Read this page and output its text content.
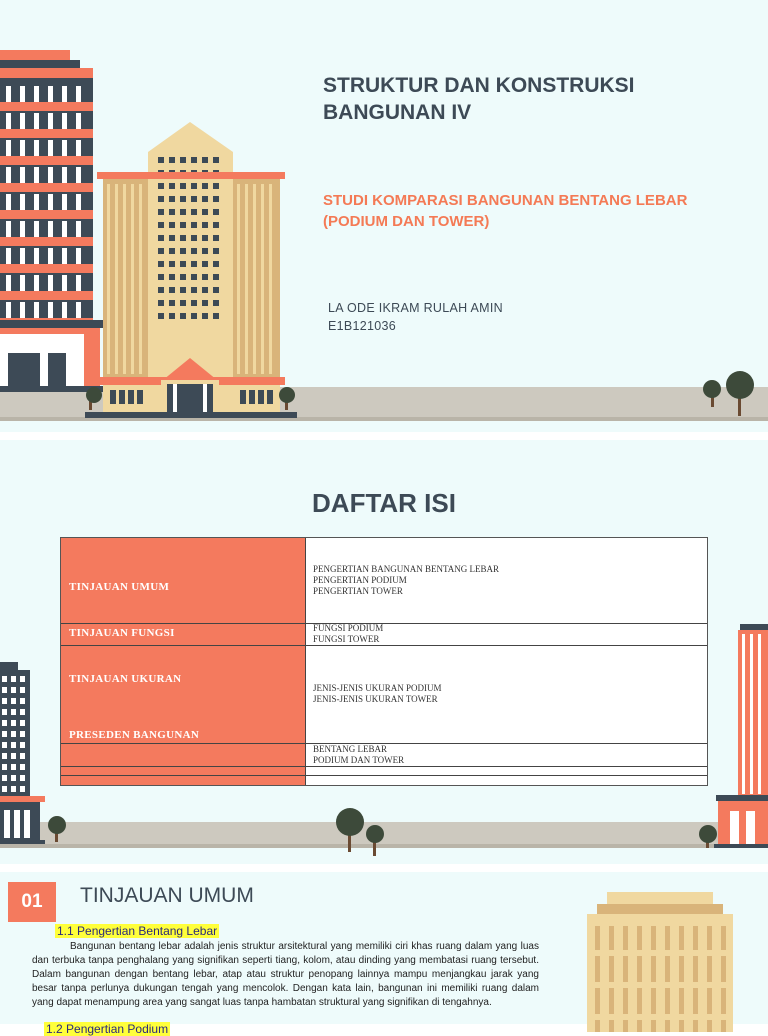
STRUKTUR DAN KONSTRUKSI
BANGUNAN IV
STUDI KOMPARASI BANGUNAN BENTANG LEBAR
(PODIUM DAN TOWER)
LA ODE IKRAM RULAH AMIN
E1B121036
DAFTAR ISI
TINJAUAN UMUM
TINJAUAN FUNGSI
TINJAUAN UKURAN
PRESEDEN BANGUNAN
PENGERTIAN BANGUNAN BENTANG LEBAR
PENGERTIAN PODIUM
PENGERTIAN TOWER
FUNGSI PODIUM
FUNGSI TOWER
JENIS-JENIS UKURAN PODIUM
JENIS-JENIS UKURAN TOWER
BENTANG LEBAR
PODIUM DAN TOWER
01	TINJAUAN UMUM
1.1 Pengertian Bentang Lebar

Bangunan bentang lebar adalah jenis struktur arsitektural yang memiliki ciri khas ruang dalam yang luas dan terbuka tanpa penghalang yang signifikan seperti tiang, kolom, atau dinding yang membatasi ruang tersebut. Dalam bangunan dengan bentang lebar, atap atau struktur penopang lainnya mampu menjangkau jarak yang besar tanpa perlunya dukungan tengah yang mencolok. Dengan kata lain, bangunan ini memiliki ruang dalam yang dapat menampung area yang sangat luas tanpa hambatan struktural yang signifikan di tengahnya.

1.2 Pengertian Podium
